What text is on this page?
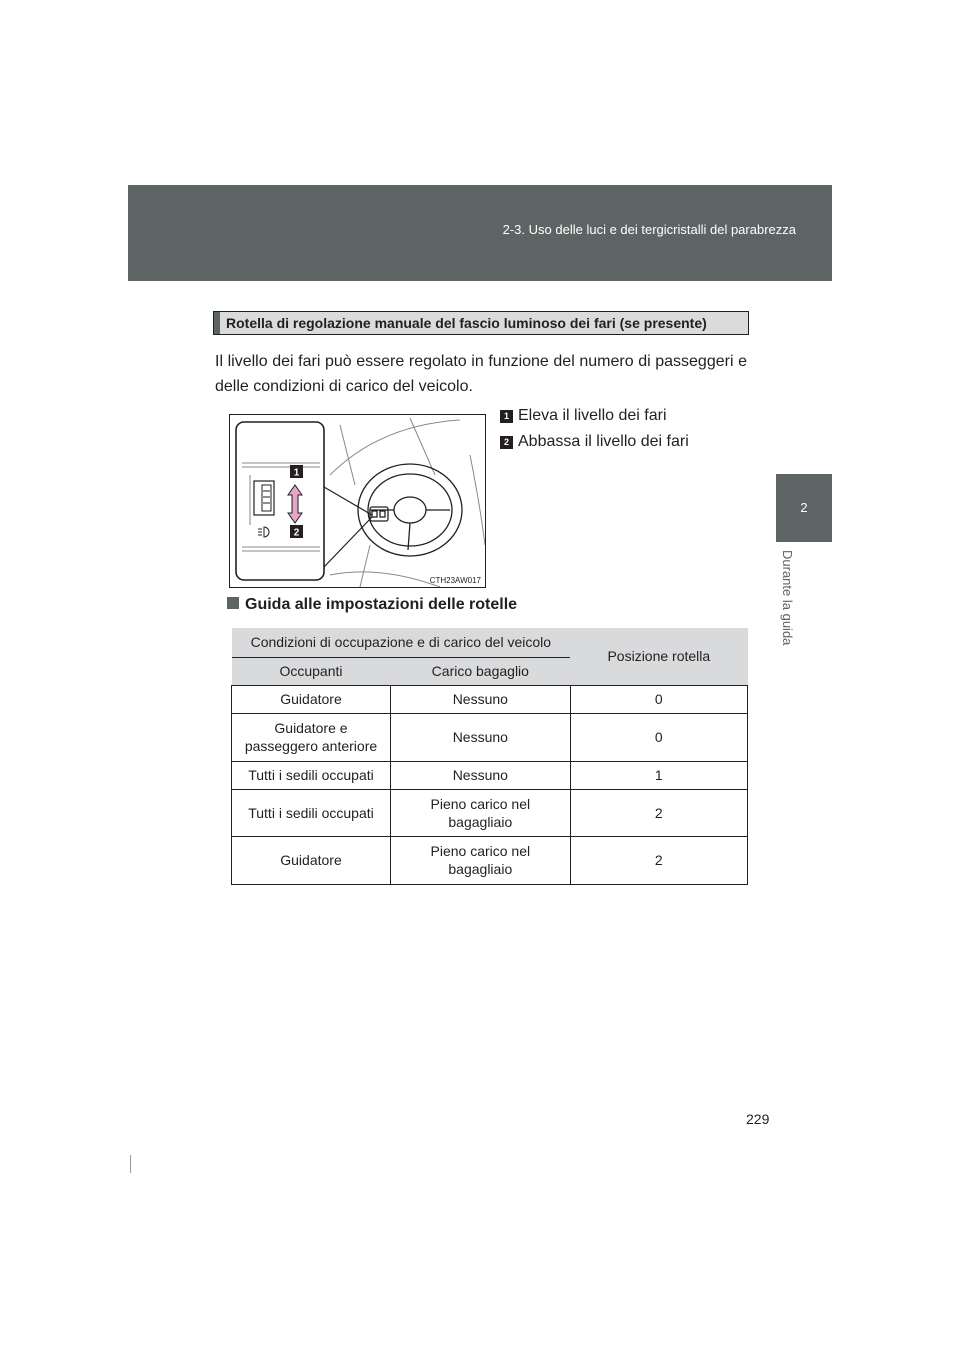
2-3. Uso delle luci e dei tergicristalli del parabrezza
2
Durante la guida
Rotella di regolazione manuale del fascio luminoso dei fari (se presente)
Il livello dei fari può essere regolato in funzione del numero di passeggeri e delle condizioni di carico del veicolo.
1
2
CTH23AW017
1 Eleva il livello dei fari
2 Abbassa il livello dei fari
Guida alle impostazioni delle rotelle
Condizioni di occupazione e di carico del veicolo		Posizione rotella
Occupanti	Carico bagaglio	
Guidatore	Nessuno	0

Guidatore e passeggero anteriore	Nessuno	0
Tutti i sedili occupati	Nessuno	1
Tutti i sedili occupati	Pieno carico nel bagagliaio	2
Guidatore	Pieno carico nel bagagliaio	2
229
